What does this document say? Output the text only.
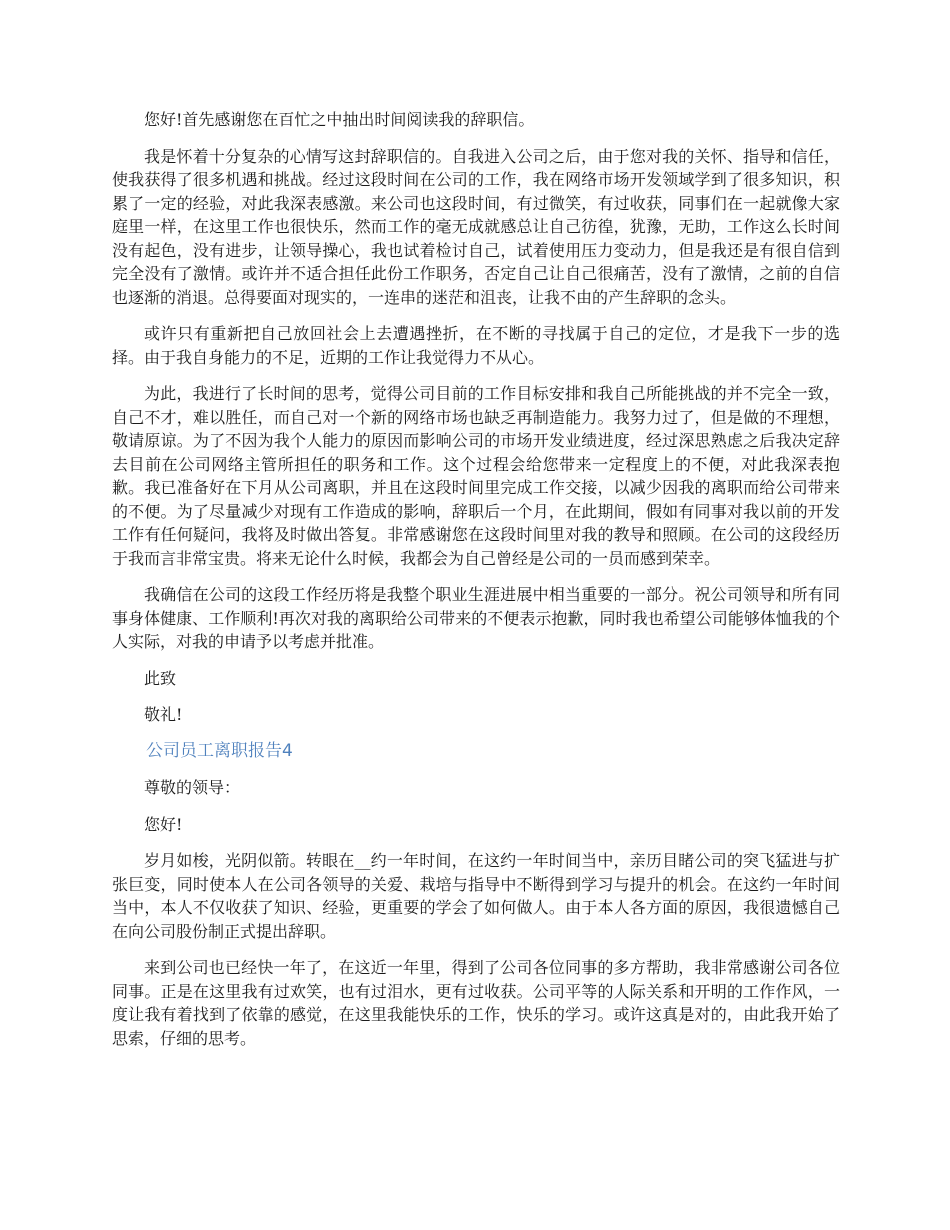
您好!首先感谢您在百忙之中抽出时间阅读我的辞职信。

我是怀着十分复杂的心情写这封辞职信的。自我进入公司之后，由于您对我的关怀、指导和信任，使我获得了很多机遇和挑战。经过这段时间在公司的工作，我在网络市场开发领域学到了很多知识，积累了一定的经验，对此我深表感激。来公司也这段时间，有过微笑，有过收获，同事们在一起就像大家庭里一样，在这里工作也很快乐，然而工作的毫无成就感总让自己彷徨，犹豫，无助，工作这么长时间没有起色，没有进步，让领导操心，我也试着检讨自己，试着使用压力变动力，但是我还是有很自信到完全没有了激情。或许并不适合担任此份工作职务，否定自己让自己很痛苦，没有了激情，之前的自信也逐渐的消退。总得要面对现实的，一连串的迷茫和沮丧，让我不由的产生辞职的念头。

或许只有重新把自己放回社会上去遭遇挫折，在不断的寻找属于自己的定位，才是我下一步的选择。由于我自身能力的不足，近期的工作让我觉得力不从心。

为此，我进行了长时间的思考，觉得公司目前的工作目标安排和我自己所能挑战的并不完全一致，自己不才，难以胜任，而自己对一个新的网络市场也缺乏再制造能力。我努力过了，但是做的不理想，敬请原谅。为了不因为我个人能力的原因而影响公司的市场开发业绩进度，经过深思熟虑之后我决定辞去目前在公司网络主管所担任的职务和工作。这个过程会给您带来一定程度上的不便，对此我深表抱歉。我已准备好在下月从公司离职，并且在这段时间里完成工作交接，以减少因我的离职而给公司带来的不便。为了尽量减少对现有工作造成的影响，辞职后一个月，在此期间，假如有同事对我以前的开发工作有任何疑问，我将及时做出答复。非常感谢您在这段时间里对我的教导和照顾。在公司的这段经历于我而言非常宝贵。将来无论什么时候，我都会为自己曾经是公司的一员而感到荣幸。

我确信在公司的这段工作经历将是我整个职业生涯进展中相当重要的一部分。祝公司领导和所有同事身体健康、工作顺利!再次对我的离职给公司带来的不便表示抱歉，同时我也希望公司能够体恤我的个人实际，对我的申请予以考虑并批准。

此致

敬礼!

公司员工离职报告4

尊敬的领导：

您好!

岁月如梭，光阴似箭。转眼在__约一年时间，在这约一年时间当中，亲历目睹公司的突飞猛进与扩张巨变，同时使本人在公司各领导的关爱、栽培与指导中不断得到学习与提升的机会。在这约一年时间当中，本人不仅收获了知识、经验，更重要的学会了如何做人。由于本人各方面的原因，我很遗憾自己在向公司股份制正式提出辞职。

来到公司也已经快一年了，在这近一年里，得到了公司各位同事的多方帮助，我非常感谢公司各位同事。正是在这里我有过欢笑，也有过泪水，更有过收获。公司平等的人际关系和开明的工作作风，一度让我有着找到了依靠的感觉，在这里我能快乐的工作，快乐的学习。或许这真是对的，由此我开始了思索，仔细的思考。
